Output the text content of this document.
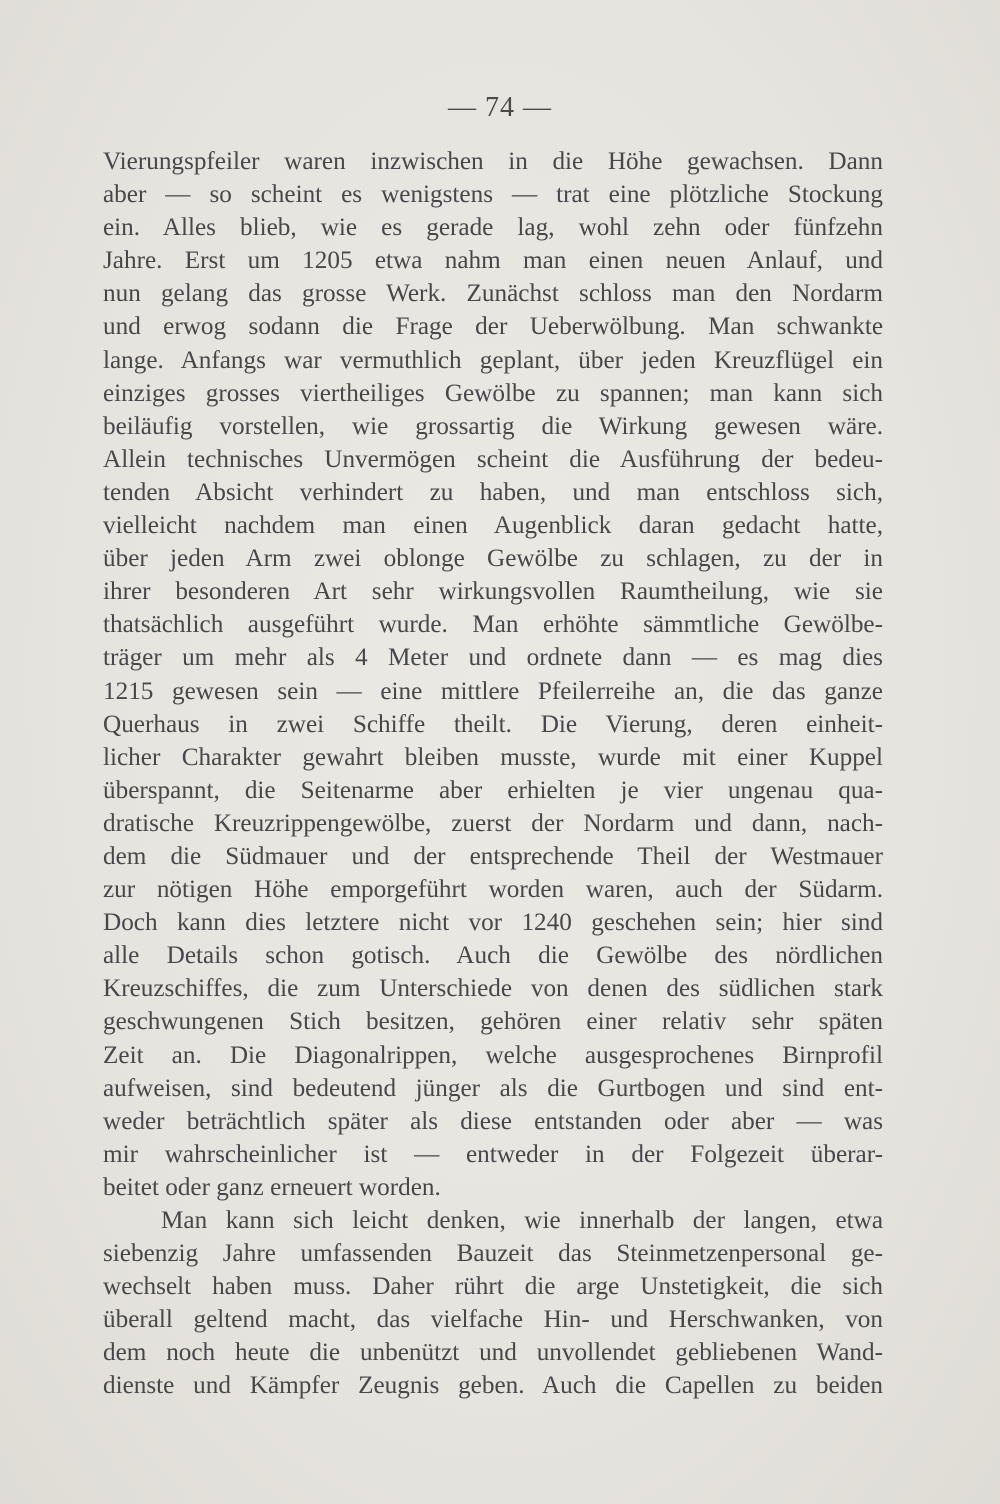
— 74 —
Vierungspfeiler waren inzwischen in die Höhe gewachsen. Dann
aber — so scheint es wenigstens — trat eine plötzliche Stockung
ein. Alles blieb, wie es gerade lag, wohl zehn oder fünfzehn
Jahre. Erst um 1205 etwa nahm man einen neuen Anlauf, und
nun gelang das grosse Werk. Zunächst schloss man den Nordarm
und erwog sodann die Frage der Ueberwölbung. Man schwankte
lange. Anfangs war vermuthlich geplant, über jeden Kreuzflügel ein
einziges grosses viertheiliges Gewölbe zu spannen; man kann sich
beiläufig vorstellen, wie grossartig die Wirkung gewesen wäre.
Allein technisches Unvermögen scheint die Ausführung der bedeu-
tenden Absicht verhindert zu haben, und man entschloss sich,
vielleicht nachdem man einen Augenblick daran gedacht hatte,
über jeden Arm zwei oblonge Gewölbe zu schlagen, zu der in
ihrer besonderen Art sehr wirkungsvollen Raumtheilung, wie sie
thatsächlich ausgeführt wurde. Man erhöhte sämmtliche Gewölbe-
träger um mehr als 4 Meter und ordnete dann — es mag dies
1215 gewesen sein — eine mittlere Pfeilerreihe an, die das ganze
Querhaus in zwei Schiffe theilt. Die Vierung, deren einheit-
licher Charakter gewahrt bleiben musste, wurde mit einer Kuppel
überspannt, die Seitenarme aber erhielten je vier ungenau qua-
dratische Kreuzrippengewölbe, zuerst der Nordarm und dann, nach-
dem die Südmauer und der entsprechende Theil der Westmauer
zur nötigen Höhe emporgeführt worden waren, auch der Südarm.
Doch kann dies letztere nicht vor 1240 geschehen sein; hier sind
alle Details schon gotisch. Auch die Gewölbe des nördlichen
Kreuzschiffes, die zum Unterschiede von denen des südlichen stark
geschwungenen Stich besitzen, gehören einer relativ sehr späten
Zeit an. Die Diagonalrippen, welche ausgesprochenes Birnprofil
aufweisen, sind bedeutend jünger als die Gurtbogen und sind ent-
weder beträchtlich später als diese entstanden oder aber — was
mir wahrscheinlicher ist — entweder in der Folgezeit überar-
beitet oder ganz erneuert worden.
Man kann sich leicht denken, wie innerhalb der langen, etwa
siebenzig Jahre umfassenden Bauzeit das Steinmetzenpersonal ge-
wechselt haben muss. Daher rührt die arge Unstetigkeit, die sich
überall geltend macht, das vielfache Hin- und Herschwanken, von
dem noch heute die unbenützt und unvollendet gebliebenen Wand-
dienste und Kämpfer Zeugnis geben. Auch die Capellen zu beiden
